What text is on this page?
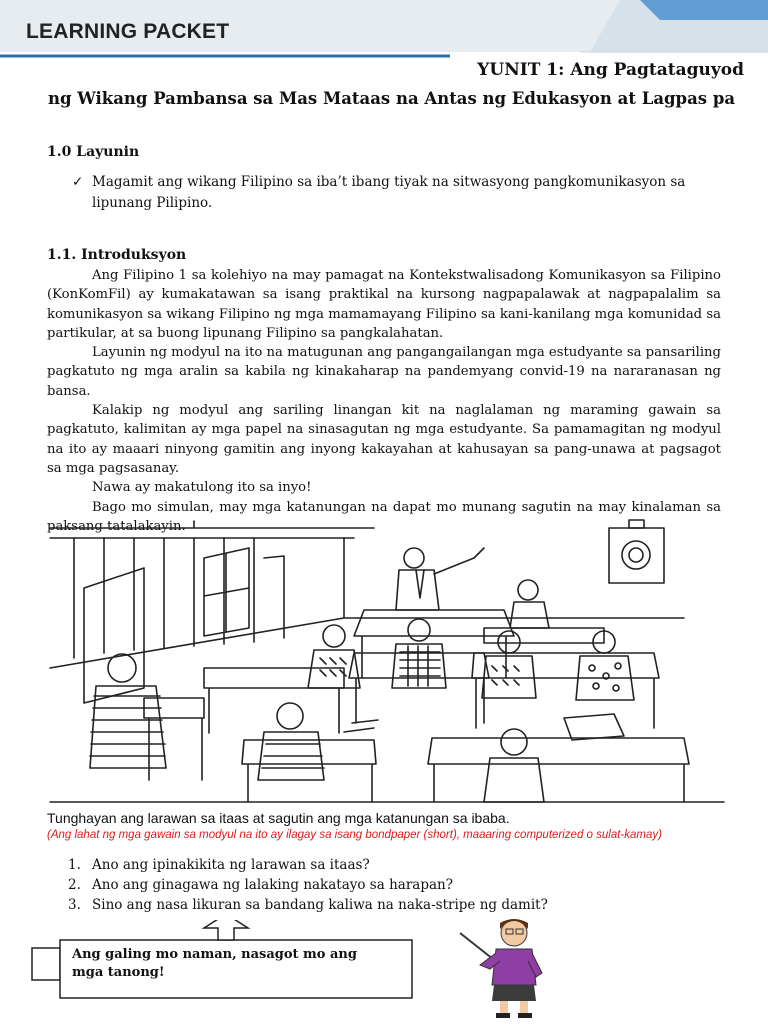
LEARNING PACKET
YUNIT 1: Ang Pagtataguyod
ng Wikang Pambansa sa Mas Mataas na Antas ng Edukasyon at Lagpas pa
1.0 Layunin
✓ Magamit ang wikang Filipino sa iba’t ibang tiyak na sitwasyong pangkomunikasyon sa lipunang Pilipino.
1.1. Introduksyon

Ang Filipino 1 sa kolehiyo na may pamagat na Kontekstwalisadong Komunikasyon sa Filipino (KonKomFil) ay kumakatawan sa isang praktikal na kursong nagpapalawak at nagpapalalim sa komunikasyon sa wikang Filipino ng mga mamamayang Filipino sa kani-kanilang mga komunidad sa partikular, at sa buong lipunang Filipino sa pangkalahatan.

Layunin ng modyul na ito na matugunan ang pangangailangan mga estudyante sa pansariling pagkatuto ng mga aralin sa kabila ng kinakaharap na pandemyang convid-19 na nararanasan ng bansa.

Kalakip ng modyul ang sariling linangan kit na naglalaman ng maraming gawain sa pagkatuto, kalimitan ay mga papel na sinasagutan ng mga estudyante. Sa pamamagitan ng modyul na ito ay maaari ninyong gamitin ang inyong kakayahan at kahusayan sa pang-unawa at pagsagot sa mga pagsasanay.

Nawa ay makatulong ito sa inyo!

Bago mo simulan, may mga katanungan na dapat mo munang sagutin na may kinalaman sa paksang tatalakayin.

Tunghayan ang larawan sa itaas at sagutin ang mga katanungan sa ibaba.
(Ang lahat ng mga gawain sa modyul na ito ay ilagay sa isang bondpaper (short), maaaring computerized o sulat-kamay)
1. Ano ang ipinakikita ng larawan sa itaas?
2. Ano ang ginagawa ng lalaking nakatayo sa harapan?
3. Sino ang nasa likuran sa bandang kaliwa na naka-stripe ng damit?
Ang galing mo naman, nasagot mo ang mga tanong!
